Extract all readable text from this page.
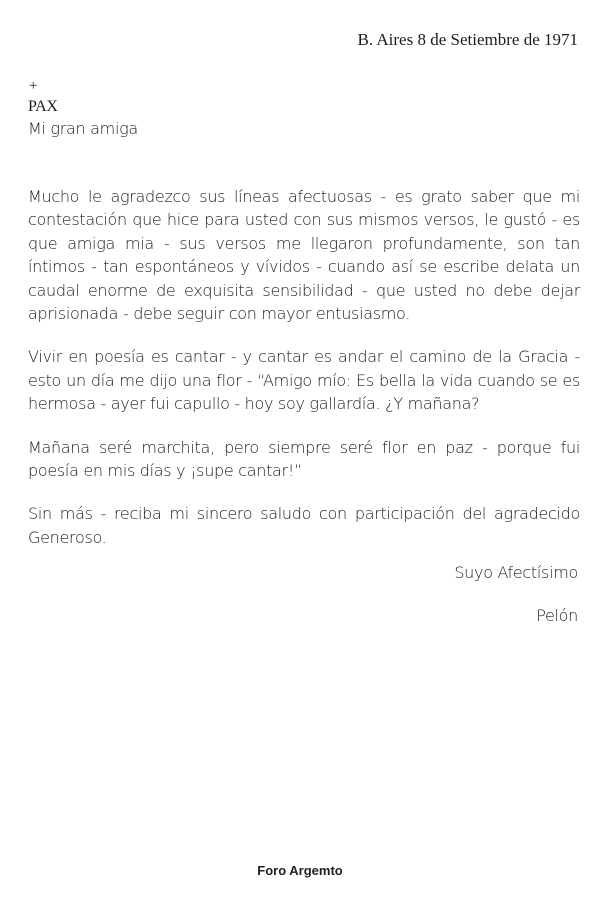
B. Aires 8 de Setiembre de 1971
+
PAX
Mi gran amiga

Mucho le agradezco sus líneas afectuosas - es grato saber que mi contestación que hice para usted con sus mismos versos, le gustó - es que amiga mia - sus versos me llegaron profundamente, son tan íntimos - tan espontáneos y vívidos - cuando así se escribe delata un caudal enorme de exquisita sensibilidad - que usted no debe dejar aprisionada - debe seguir con mayor entusiasmo.

Vivir en poesía es cantar - y cantar es andar el camino de la Gracia - esto un día me dijo una flor - “Amigo mío: Es bella la vida cuando se es hermosa - ayer fui capullo - hoy soy gallardía. ¿Y mañana?

Mañana seré marchita, pero siempre seré flor en paz - porque fui poesía en mis días y ¡supe cantar!”

Sin más - reciba mi sincero saludo con participación del agradecido Generoso.

Suyo Afectísimo
Pelón
Foro Argemto
